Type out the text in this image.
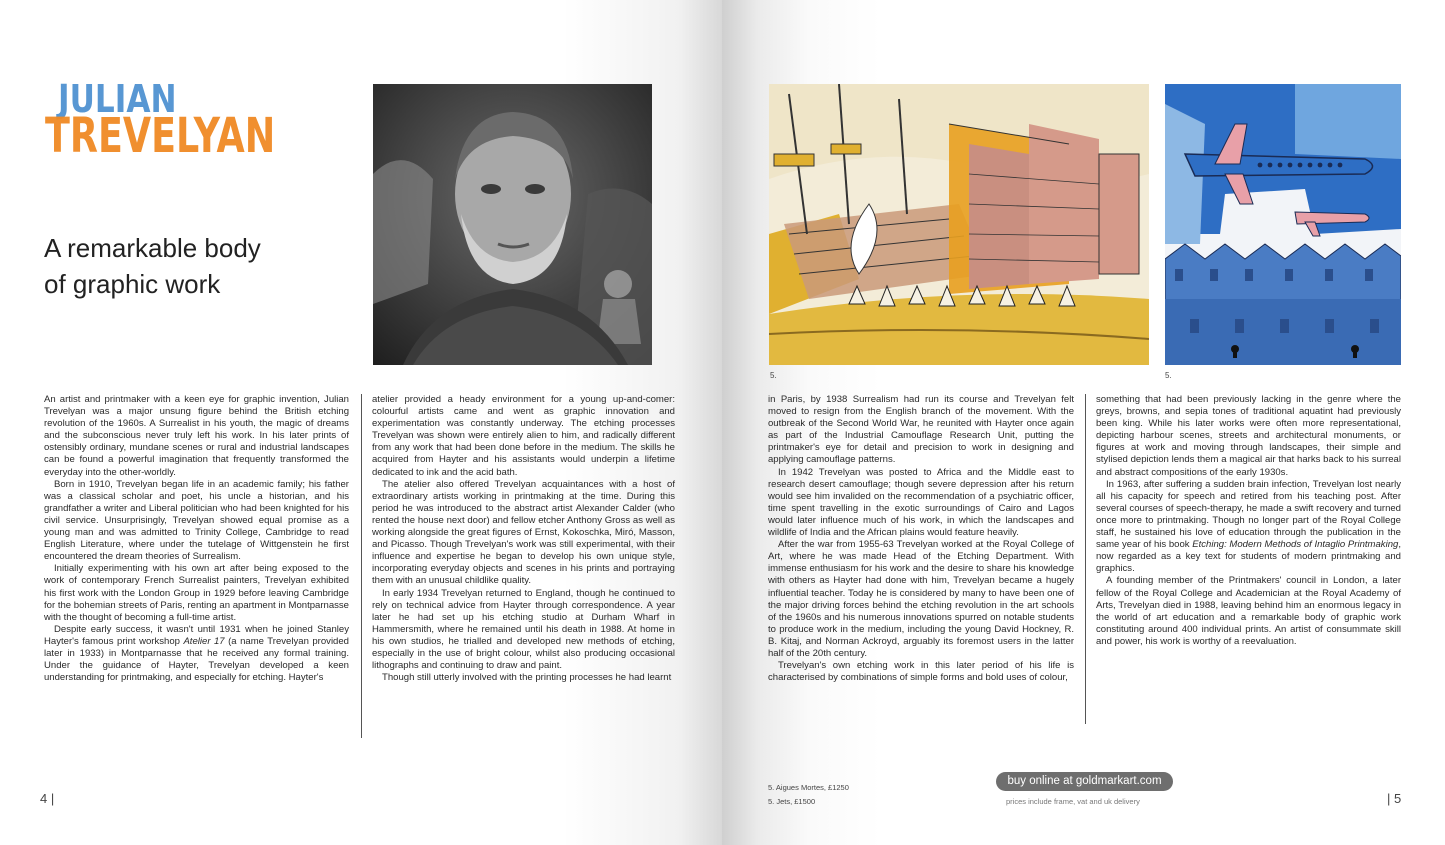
JULIAN
TREVELYAN
A remarkable body
of graphic work

An artist and printmaker with a keen eye for graphic invention, Julian Trevelyan was a major unsung figure behind the British etching revolution of the 1960s. A Surrealist in his youth, the magic of dreams and the subconscious never truly left his work. In his later prints of ostensibly ordinary, mundane scenes or rural and industrial landscapes can be found a powerful imagination that frequently transformed the everyday into the other-worldly.

Born in 1910, Trevelyan began life in an academic family; his father was a classical scholar and poet, his uncle a historian, and his grandfather a writer and Liberal politician who had been knighted for his civil service. Unsurprisingly, Trevelyan showed equal promise as a young man and was admitted to Trinity College, Cambridge to read English Literature, where under the tutelage of Wittgenstein he first encountered the dream theories of Surrealism.

Initially experimenting with his own art after being exposed to the work of contemporary French Surrealist painters, Trevelyan exhibited his first work with the London Group in 1929 before leaving Cambridge for the bohemian streets of Paris, renting an apartment in Montparnasse with the thought of becoming a full-time artist.

Despite early success, it wasn't until 1931 when he joined Stanley Hayter's famous print workshop Atelier 17 (a name Trevelyan provided later in 1933) in Montparnasse that he received any formal training. Under the guidance of Hayter, Trevelyan developed a keen understanding for printmaking, and especially for etching. Hayter's

atelier provided a heady environment for a young up-and-comer: colourful artists came and went as graphic innovation and experimentation was constantly underway. The etching processes Trevelyan was shown were entirely alien to him, and radically different from any work that had been done before in the medium. The skills he acquired from Hayter and his assistants would underpin a lifetime dedicated to ink and the acid bath.

The atelier also offered Trevelyan acquaintances with a host of extraordinary artists working in printmaking at the time. During this period he was introduced to the abstract artist Alexander Calder (who rented the house next door) and fellow etcher Anthony Gross as well as working alongside the great figures of Ernst, Kokoschka, Miró, Masson, and Picasso. Though Trevelyan's work was still experimental, with their influence and expertise he began to develop his own unique style, incorporating everyday objects and scenes in his prints and portraying them with an unusual childlike quality.

In early 1934 Trevelyan returned to England, though he continued to rely on technical advice from Hayter through correspondence. A year later he had set up his etching studio at Durham Wharf in Hammersmith, where he remained until his death in 1988. At home in his own studios, he trialled and developed new methods of etching, especially in the use of bright colour, whilst also producing occasional lithographs and continuing to draw and paint.

Though still utterly involved with the printing processes he had learnt

4 |
5.	5.

in Paris, by 1938 Surrealism had run its course and Trevelyan felt moved to resign from the English branch of the movement. With the outbreak of the Second World War, he reunited with Hayter once again as part of the Industrial Camouflage Research Unit, putting the printmaker's eye for detail and precision to work in designing and applying camouflage patterns.

In 1942 Trevelyan was posted to Africa and the Middle east to research desert camouflage; though severe depression after his return would see him invalided on the recommendation of a psychiatric officer, time spent travelling in the exotic surroundings of Cairo and Lagos would later influence much of his work, in which the landscapes and wildlife of India and the African plains would feature heavily.

After the war from 1955-63 Trevelyan worked at the Royal College of Art, where he was made Head of the Etching Department. With immense enthusiasm for his work and the desire to share his knowledge with others as Hayter had done with him, Trevelyan became a hugely influential teacher. Today he is considered by many to have been one of the major driving forces behind the etching revolution in the art schools of the 1960s and his numerous innovations spurred on notable students to produce work in the medium, including the young David Hockney, R. B. Kitaj, and Norman Ackroyd, arguably its foremost users in the latter half of the 20th century.

Trevelyan's own etching work in this later period of his life is characterised by combinations of simple forms and bold uses of colour,

something that had been previously lacking in the genre where the greys, browns, and sepia tones of traditional aquatint had previously been king. While his later works were often more representational, depicting harbour scenes, streets and architectural monuments, or figures at work and moving through landscapes, their simple and stylised depiction lends them a magical air that harks back to his surreal and abstract compositions of the early 1930s.

In 1963, after suffering a sudden brain infection, Trevelyan lost nearly all his capacity for speech and retired from his teaching post. After several courses of speech-therapy, he made a swift recovery and turned once more to printmaking. Though no longer part of the Royal College staff, he sustained his love of education through the publication in the same year of his book Etching: Modern Methods of Intaglio Printmaking, now regarded as a key text for students of modern printmaking and graphics.

A founding member of the Printmakers' council in London, a later fellow of the Royal College and Academician at the Royal Academy of Arts, Trevelyan died in 1988, leaving behind him an enormous legacy in the world of art education and a remarkable body of graphic work constituting around 400 individual prints. An artist of consummate skill and power, his work is worthy of a reevaluation.

5. Aigues Mortes, £1250
5. Jets, £1500
buy online at goldmarkart.com
prices include frame, vat and uk delivery	| 5
